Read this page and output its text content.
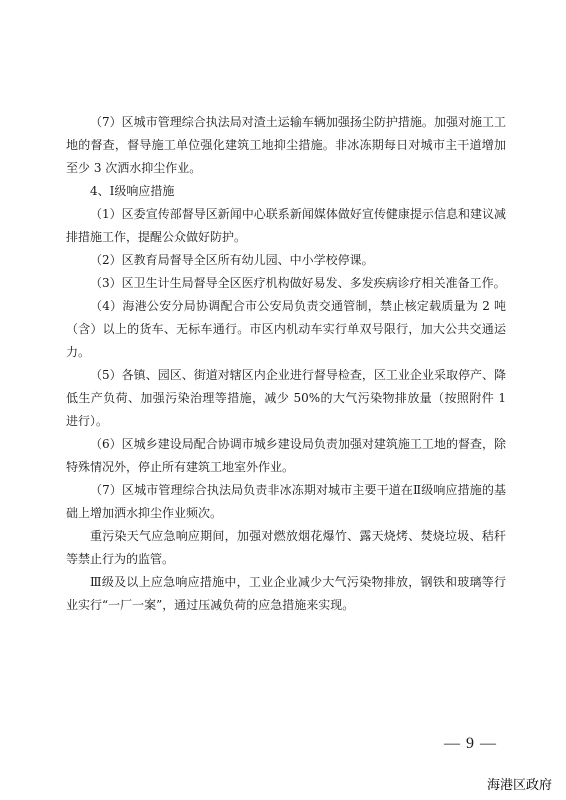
（7）区城市管理综合执法局对渣土运输车辆加强扬尘防护措施。加强对施工工地的督查，督导施工单位强化建筑工地抑尘措施。非冰冻期每日对城市主干道增加至少 3 次洒水抑尘作业。

4、Ⅰ级响应措施

（1）区委宣传部督导区新闻中心联系新闻媒体做好宣传健康提示信息和建议减排措施工作，提醒公众做好防护。

（2）区教育局督导全区所有幼儿园、中小学校停课。

（3）区卫生计生局督导全区医疗机构做好易发、多发疾病诊疗相关准备工作。

（4）海港公安分局协调配合市公安局负责交通管制，禁止核定载质量为 2 吨（含）以上的货车、无标车通行。市区内机动车实行单双号限行，加大公共交通运力。

（5）各镇、园区、街道对辖区内企业进行督导检查，区工业企业采取停产、降低生产负荷、加强污染治理等措施，减少 50%的大气污染物排放量（按照附件 1 进行）。

（6）区城乡建设局配合协调市城乡建设局负责加强对建筑施工工地的督查，除特殊情况外，停止所有建筑工地室外作业。

（7）区城市管理综合执法局负责非冰冻期对城市主要干道在Ⅱ级响应措施的基础上增加洒水抑尘作业频次。

重污染天气应急响应期间，加强对燃放烟花爆竹、露天烧烤、焚烧垃圾、秸秆等禁止行为的监管。

Ⅲ级及以上应急响应措施中，工业企业减少大气污染物排放，钢铁和玻璃等行业实行“一厂一案”，通过压减负荷的应急措施来实现。

— 9 —
海港区政府
